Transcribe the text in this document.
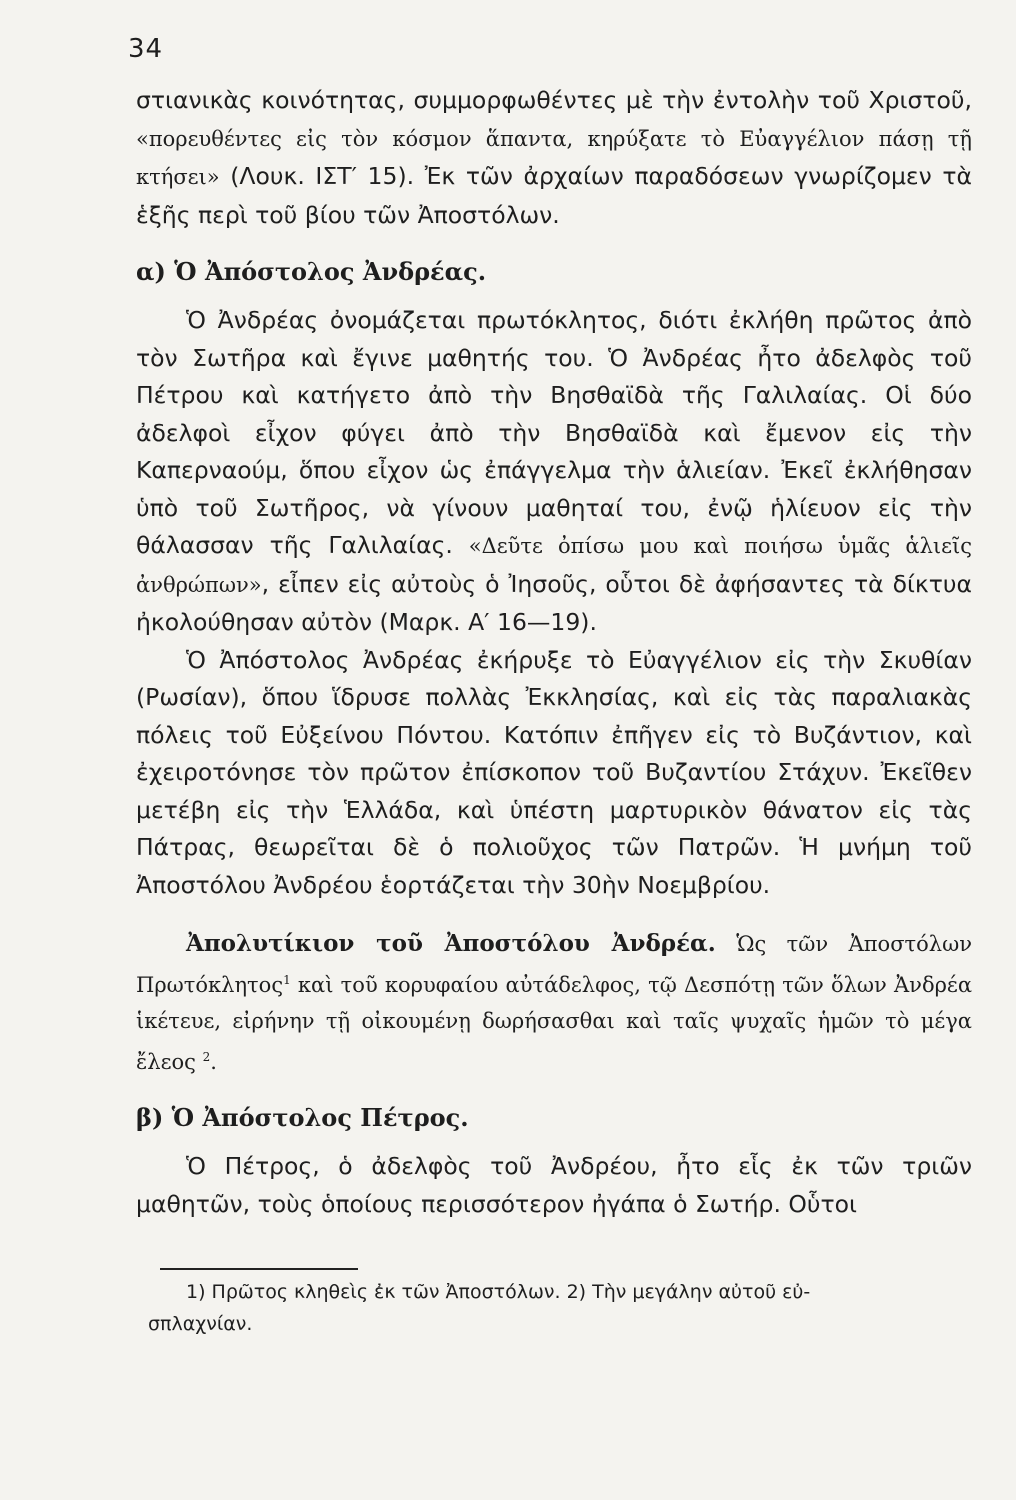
34

στιανικὰς κοινότητας, συμμορφωθέντες μὲ τὴν ἐντολὴν τοῦ Χριστοῦ, «πορευθέντες εἰς τὸν κόσμον ἅπαντα, κηρύξατε τὸ Εὐαγγέλιον πάσῃ τῇ κτήσει» (Λουκ. ΙΣΤ′ 15). Ἐκ τῶν ἀρχαίων παραδόσεων γνωρίζομεν τὰ ἑξῆς περὶ τοῦ βίου τῶν Ἀποστόλων.

α) Ὁ Ἀπόστολος Ἀνδρέας.

Ὁ Ἀνδρέας ὀνομάζεται πρωτόκλητος, διότι ἐκλήθη πρῶτος ἀπὸ τὸν Σωτῆρα καὶ ἔγινε μαθητής του. Ὁ Ἀνδρέας ἦτο ἀδελφὸς τοῦ Πέτρου καὶ κατήγετο ἀπὸ τὴν Βησθαϊδὰ τῆς Γαλιλαίας. Οἱ δύο ἀδελφοὶ εἶχον φύγει ἀπὸ τὴν Βησθαϊδὰ καὶ ἔμενον εἰς τὴν Καπερναούμ, ὅπου εἶχον ὡς ἐπάγγελμα τὴν ἁλιείαν. Ἐκεῖ ἐκλήθησαν ὑπὸ τοῦ Σωτῆρος, νὰ γίνουν μαθηταί του, ἐνῷ ἡλίευον εἰς τὴν θάλασσαν τῆς Γαλιλαίας. «Δεῦτε ὀπίσω μου καὶ ποιήσω ὑμᾶς ἁλιεῖς ἀνθρώπων», εἶπεν εἰς αὐτοὺς ὁ Ἰησοῦς, οὗτοι δὲ ἀφήσαντες τὰ δίκτυα ἠκολούθησαν αὐτὸν (Μαρκ. Α′ 16—19).

Ὁ Ἀπόστολος Ἀνδρέας ἐκήρυξε τὸ Εὐαγγέλιον εἰς τὴν Σκυθίαν (Ρωσίαν), ὅπου ἵδρυσε πολλὰς Ἐκκλησίας, καὶ εἰς τὰς παραλιακὰς πόλεις τοῦ Εὐξείνου Πόντου. Κατόπιν ἐπῆγεν εἰς τὸ Βυζάντιον, καὶ ἐχειροτόνησε τὸν πρῶτον ἐπίσκοπον τοῦ Βυζαντίου Στάχυν. Ἐκεῖθεν μετέβη εἰς τὴν Ἑλλάδα, καὶ ὑπέστη μαρτυρικὸν θάνατον εἰς τὰς Πάτρας, θεωρεῖται δὲ ὁ πολιοῦχος τῶν Πατρῶν. Ἡ μνήμη τοῦ Ἀποστόλου Ἀνδρέου ἑορτάζεται τὴν 30ὴν Νοεμβρίου.

Ἀπολυτίκιον τοῦ Ἀποστόλου Ἀνδρέα. Ὡς τῶν Ἀποστόλων Πρωτόκλητος$^1$ καὶ τοῦ κορυφαίου αὐτάδελφος, τῷ Δεσπότῃ τῶν ὅλων Ἀνδρέα ἱκέτευε, εἰρήνην τῇ οἰκουμένῃ δωρήσασθαι καὶ ταῖς ψυχαῖς ἡμῶν τὸ μέγα ἔλεος $^2$.

β) Ὁ Ἀπόστολος Πέτρος.

Ὁ Πέτρος, ὁ ἀδελφὸς τοῦ Ἀνδρέου, ἦτο εἷς ἐκ τῶν τριῶν μαθητῶν, τοὺς ὁποίους περισσότερον ἠγάπα ὁ Σωτήρ. Οὗτοι

1) Πρῶτος κληθεὶς ἐκ τῶν Ἀποστόλων. 2) Τὴν μεγάλην αὐτοῦ εὐ-
σπλαχνίαν.
